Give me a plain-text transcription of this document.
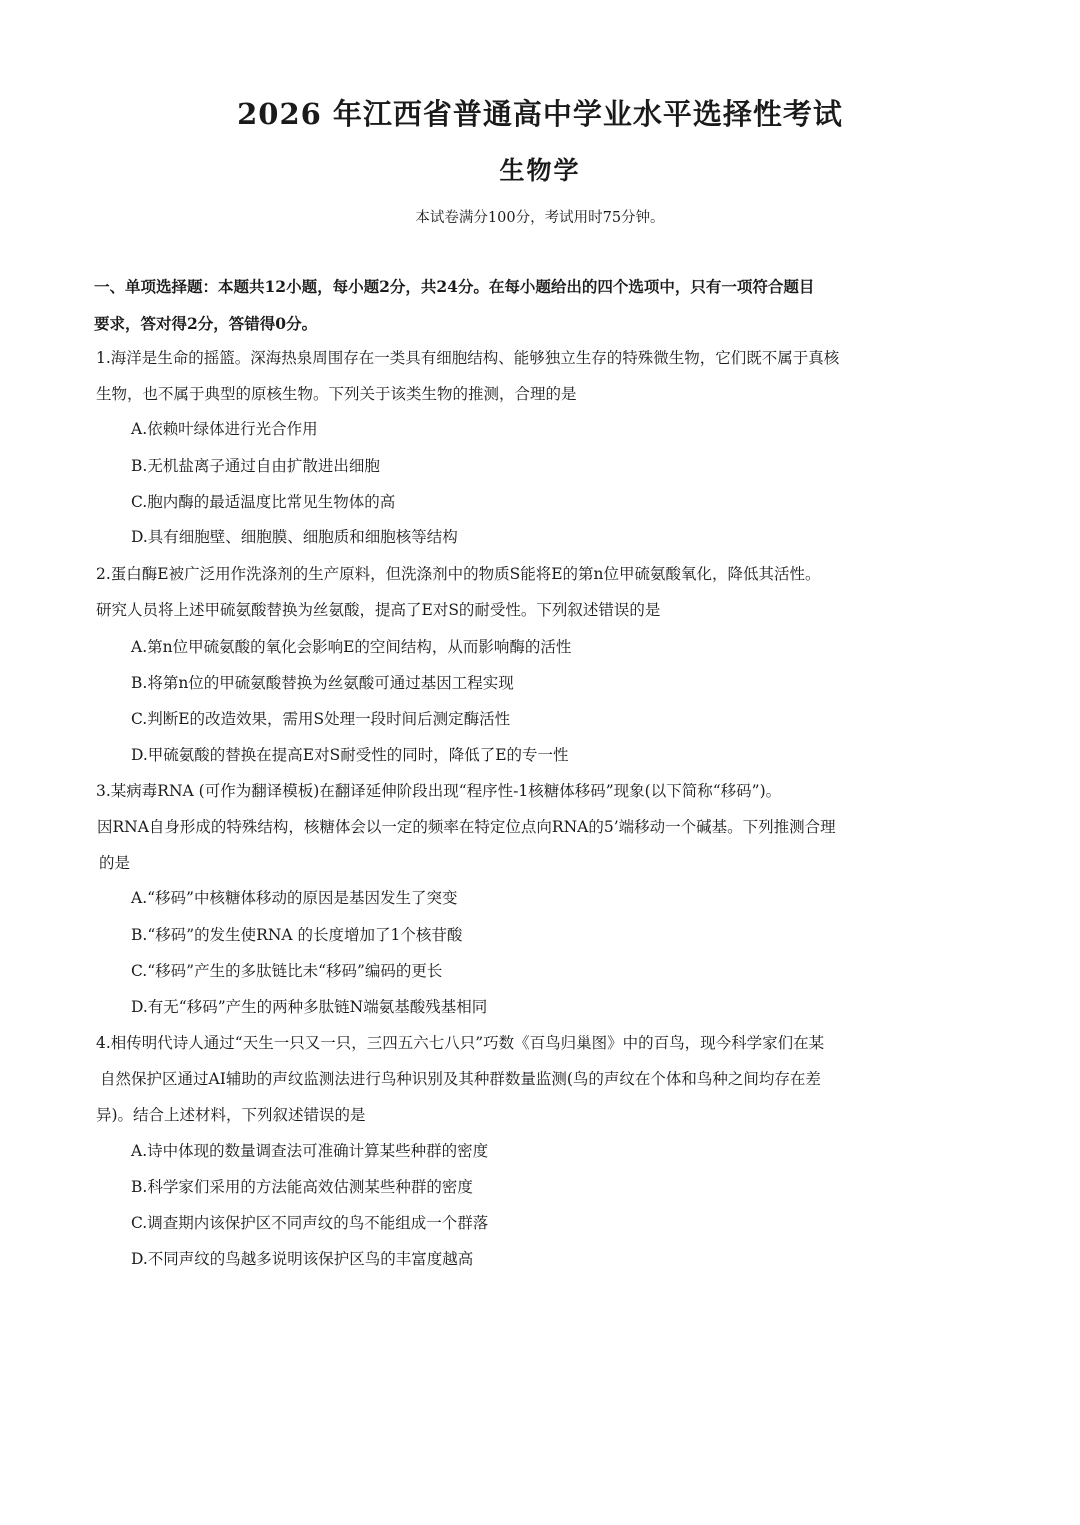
2026 年江西省普通高中学业水平选择性考试
生物学
本试卷满分100分，考试用时75分钟。
一、单项选择题：本题共12小题，每小题2分，共24分。在每小题给出的四个选项中，只有一项符合题目
要求，答对得2分，答错得0分。
1.海洋是生命的摇篮。深海热泉周围存在一类具有细胞结构、能够独立生存的特殊微生物，它们既不属于真核
生物，也不属于典型的原核生物。下列关于该类生物的推测，合理的是
A.依赖叶绿体进行光合作用
B.无机盐离子通过自由扩散进出细胞
C.胞内酶的最适温度比常见生物体的高
D.具有细胞壁、细胞膜、细胞质和细胞核等结构
2.蛋白酶E被广泛用作洗涤剂的生产原料，但洗涤剂中的物质S能将E的第n位甲硫氨酸氧化，降低其活性。
研究人员将上述甲硫氨酸替换为丝氨酸，提高了E对S的耐受性。下列叙述错误的是
A.第n位甲硫氨酸的氧化会影响E的空间结构，从而影响酶的活性
B.将第n位的甲硫氨酸替换为丝氨酸可通过基因工程实现
C.判断E的改造效果，需用S处理一段时间后测定酶活性
D.甲硫氨酸的替换在提高E对S耐受性的同时，降低了E的专一性
3.某病毒RNA (可作为翻译模板)在翻译延伸阶段出现“程序性-1核糖体移码”现象(以下简称“移码”)。
因RNA自身形成的特殊结构，核糖体会以一定的频率在特定位点向RNA的5’端移动一个碱基。下列推测合理
的是
A.“移码”中核糖体移动的原因是基因发生了突变
B.“移码”的发生使RNA 的长度增加了1个核苷酸
C.“移码”产生的多肽链比未“移码”编码的更长
D.有无“移码”产生的两种多肽链N端氨基酸残基相同
4.相传明代诗人通过“天生一只又一只，三四五六七八只”巧数《百鸟归巢图》中的百鸟，现今科学家们在某
自然保护区通过AI辅助的声纹监测法进行鸟种识别及其种群数量监测(鸟的声纹在个体和鸟种之间均存在差
异)。结合上述材料，下列叙述错误的是
A.诗中体现的数量调查法可准确计算某些种群的密度
B.科学家们采用的方法能高效估测某些种群的密度
C.调查期内该保护区不同声纹的鸟不能组成一个群落
D.不同声纹的鸟越多说明该保护区鸟的丰富度越高
